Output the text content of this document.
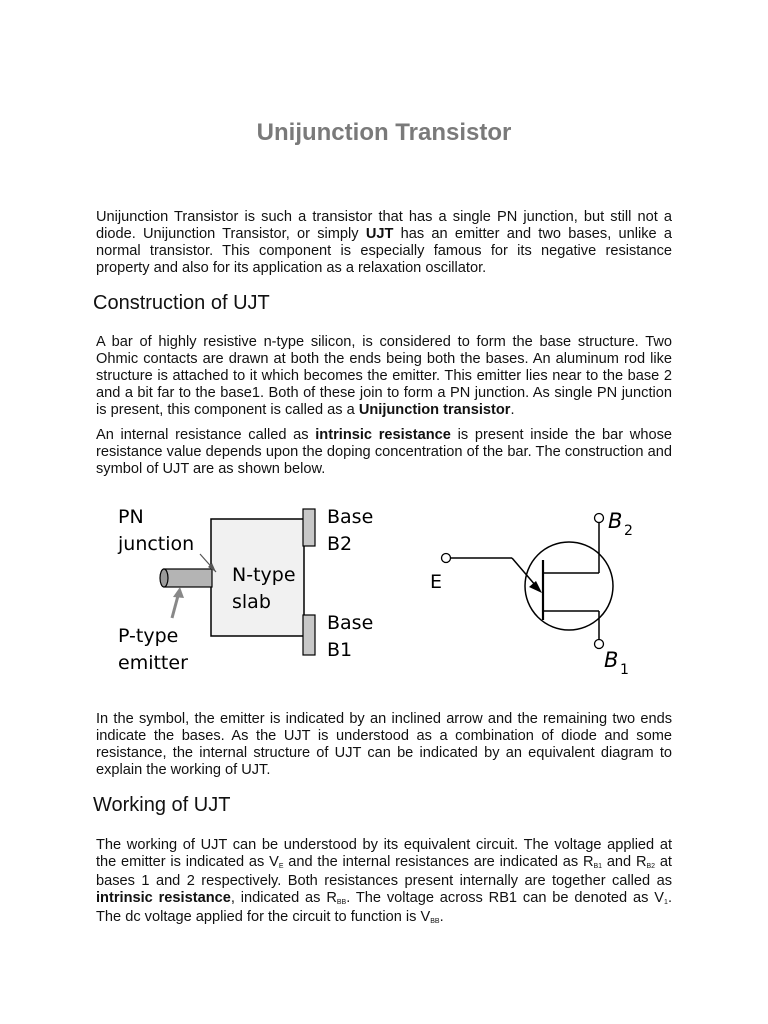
Unijunction Transistor

Unijunction Transistor is such a transistor that has a single PN junction, but still not a diode. Unijunction Transistor, or simply UJT has an emitter and two bases, unlike a normal transistor. This component is especially famous for its negative resistance property and also for its application as a relaxation oscillator.

Construction of UJT

A bar of highly resistive n-type silicon, is considered to form the base structure. Two Ohmic contacts are drawn at both the ends being both the bases. An aluminum rod like structure is attached to it which becomes the emitter. This emitter lies near to the base 2 and a bit far to the base1. Both of these join to form a PN junction. As single PN junction is present, this component is called as a Unijunction transistor.

An internal resistance called as intrinsic resistance is present inside the bar whose resistance value depends upon the doping concentration of the bar. The construction and symbol of UJT are as shown below.

PN
junction
N-type
slab
P-type
emitter
Base
B2
Base
B1
E
B 2
B 1

In the symbol, the emitter is indicated by an inclined arrow and the remaining two ends indicate the bases. As the UJT is understood as a combination of diode and some resistance, the internal structure of UJT can be indicated by an equivalent diagram to explain the working of UJT.

Working of UJT

The working of UJT can be understood by its equivalent circuit. The voltage applied at the emitter is indicated as $V_E$ and the internal resistances are indicated as $R_{B1}$ and $R_{B2}$ at bases 1 and 2 respectively. Both resistances present internally are together called as intrinsic resistance, indicated as $R_{BB}$. The voltage across RB1 can be denoted as $V_1$. The dc voltage applied for the circuit to function is $V_{BB}$.
